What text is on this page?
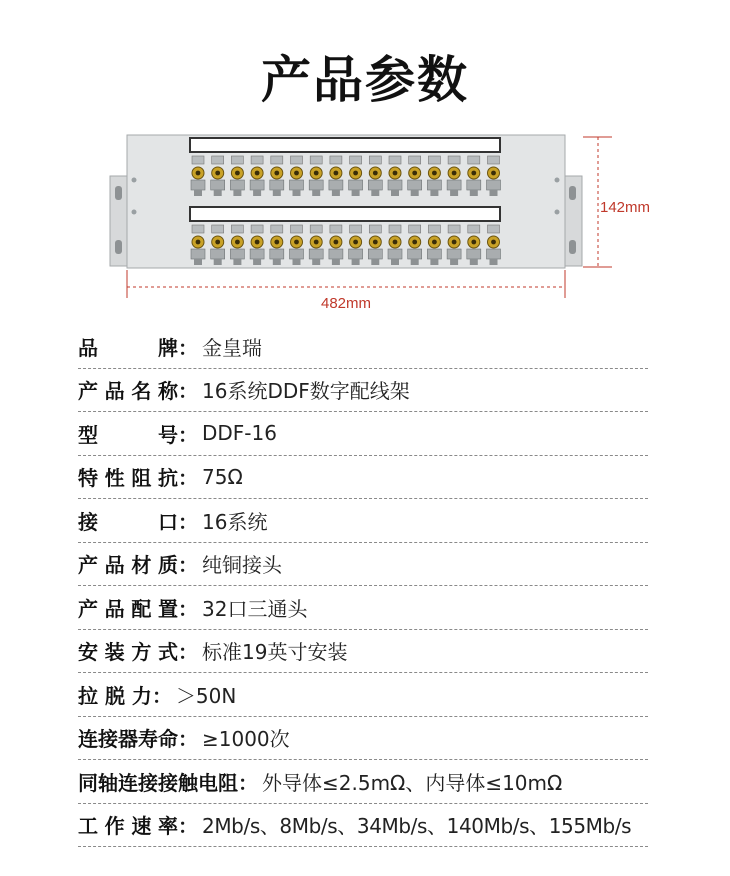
产品参数
142mm
482mm
品　牌 ： 金皇瑞
产品名称 ： 16系统DDF数字配线架
型　号 ： DDF-16
特性阻抗 ： 75Ω
接　口 ： 16系统
产品材质 ： 纯铜接头
产品配置 ： 32口三通头
安装方式 ： 标准19英寸安装
拉 脱 力 ： ＞50N
连接器寿命 ： ≥1000次
同轴连接接触电阻 ： 外导体≤2.5mΩ、内导体≤10mΩ
工作速率 ： 2Mb/s、8Mb/s、34Mb/s、140Mb/s、155Mb/s
